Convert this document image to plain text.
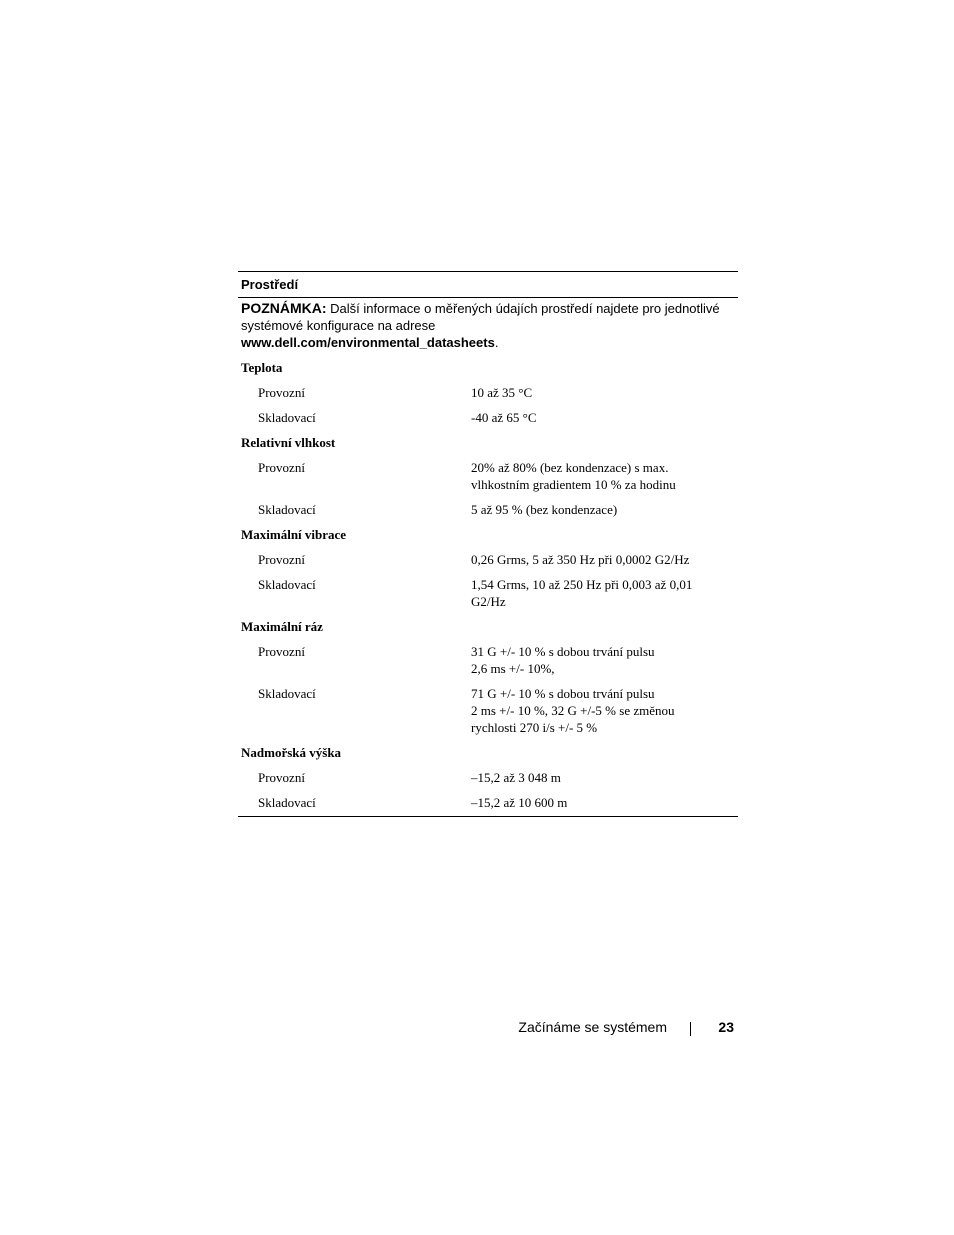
Prostředí
POZNÁMKA: Další informace o měřených údajích prostředí najdete pro jednotlivé systémové konfigurace na adrese
www.dell.com/environmental_datasheets.
Teplota
Provozní	10 až 35 °C
Skladovací	-40 až 65 °C
Relativní vlhkost
Provozní	20% až 80% (bez kondenzace) s max.
vlhkostním gradientem 10 % za hodinu
Skladovací	5 až 95 % (bez kondenzace)
Maximální vibrace
Provozní	0,26 Grms, 5 až 350 Hz při 0,0002 G2/Hz
Skladovací	1,54 Grms, 10 až 250 Hz při 0,003 až 0,01
G2/Hz
Maximální ráz
Provozní	31 G +/- 10 % s dobou trvání pulsu
2,6 ms +/- 10%,
Skladovací	71 G +/- 10 % s dobou trvání pulsu
2 ms +/- 10 %, 32 G +/-5 % se změnou
rychlosti 270 i/s +/- 5 %
Nadmořská výška
Provozní	–15,2 až 3 048 m
Skladovací	–15,2 až 10 600 m
Začínáme se systémem	23
